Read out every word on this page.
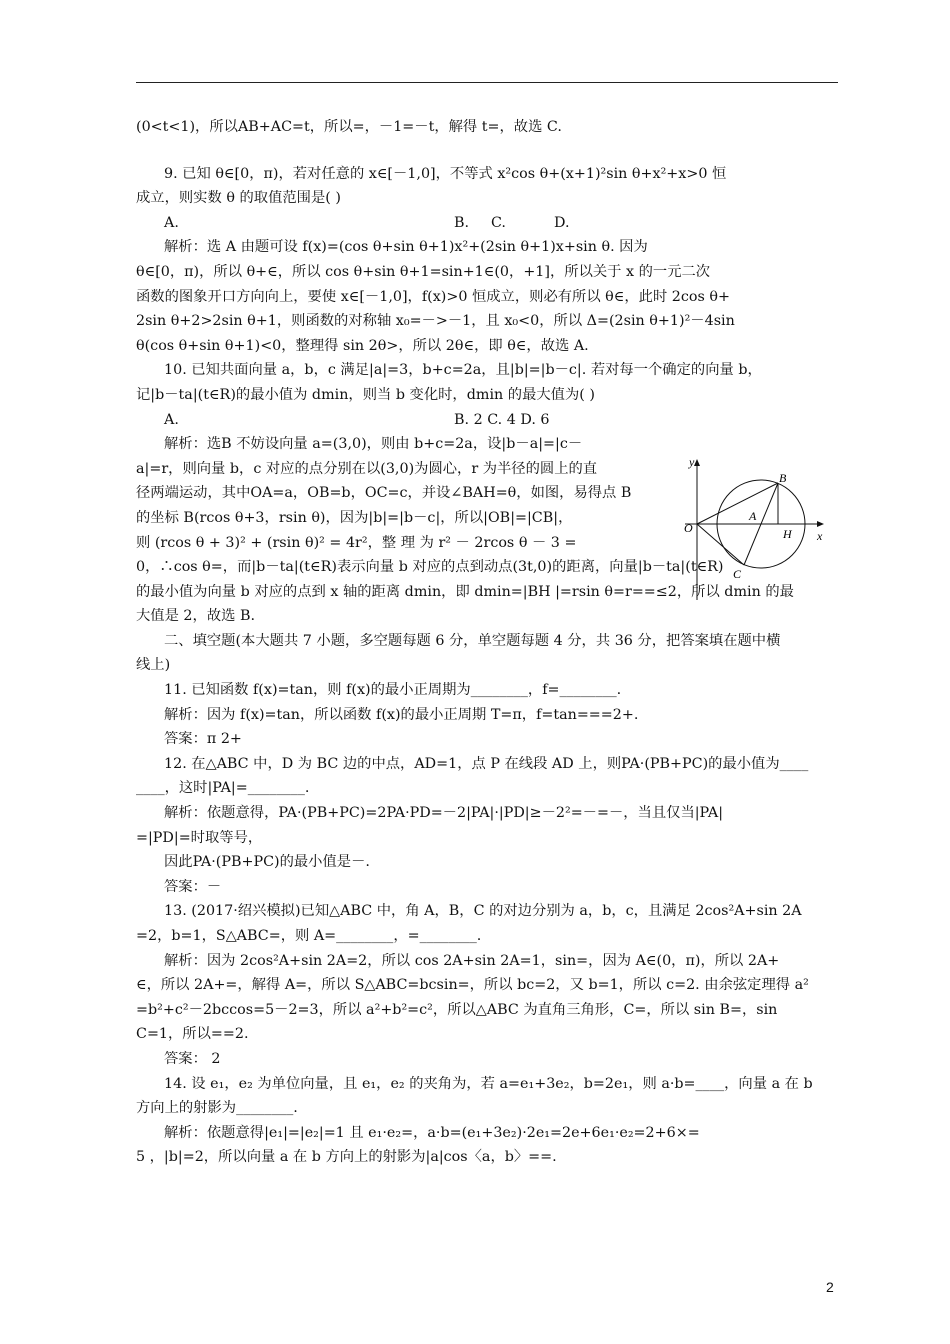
(0<t<1)，所以AB+AC=t，所以=，－1=－t，解得 t=，故选 C.
9. 已知 θ∈[0，π)，若对任意的 x∈[－1,0]，不等式 x²cos θ+(x+1)²sin θ+x²+x>0 恒
成立，则实数 θ 的取值范围是( )
A.	B. C.	D.
解析：选 A 由题可设 f(x)=(cos θ+sin θ+1)x²+(2sin θ+1)x+sin θ. 因为
θ∈[0，π)，所以 θ+∈，所以 cos θ+sin θ+1=sin+1∈(0，+1]，所以关于 x 的一元二次
函数的图象开口方向向上，要使 x∈[－1,0]，f(x)>0 恒成立，则必有所以 θ∈，此时 2cos θ+
2sin θ+2>2sin θ+1，则函数的对称轴 x₀=－>－1，且 x₀<0，所以 Δ=(2sin θ+1)²－4sin
θ(cos θ+sin θ+1)<0，整理得 sin 2θ>，所以 2θ∈，即 θ∈，故选 A.
10. 已知共面向量 a，b，c 满足|a|=3，b+c=2a，且|b|=|b－c|. 若对每一个确定的向量 b，
记|b－ta|(t∈R)的最小值为 dmin，则当 b 变化时，dmin 的最大值为( )
A.	B. 2 C. 4 D. 6
解析：选B 不妨设向量 a=(3,0)，则由 b+c=2a，设|b－a|=|c－
a|=r，则向量 b，c 对应的点分别在以(3,0)为圆心，r 为半径的圆上的直
径两端运动，其中OA=a，OB=b，OC=c，并设∠BAH=θ，如图，易得点 B
的坐标 B(rcos θ+3，rsin θ)，因为|b|=|b－c|，所以|OB|=|CB|，
则 (rcos θ + 3)² + (rsin θ)² = 4r²，整 理 为 r² － 2rcos θ － 3 =
0，∴cos θ=，而|b－ta|(t∈R)表示向量 b 对应的点到动点(3t,0)的距离，向量|b－ta|(t∈R)
的最小值为向量 b 对应的点到 x 轴的距离 dmin，即 dmin=|BH |=rsin θ=r==≤2，所以 dmin 的最
大值是 2，故选 B.
二、填空题(本大题共 7 小题，多空题每题 6 分，单空题每题 4 分，共 36 分，把答案填在题中横
线上)
11. 已知函数 f(x)=tan，则 f(x)的最小正周期为________，f=________.
解析：因为 f(x)=tan，所以函数 f(x)的最小正周期 T=π，f=tan===2+.
答案：π 2+
12. 在△ABC 中，D 为 BC 边的中点，AD=1，点 P 在线段 AD 上，则PA·(PB+PC)的最小值为____
____，这时|PA|=________.
解析：依题意得，PA·(PB+PC)=2PA·PD=－2|PA|·|PD|≥－2²=－=－，当且仅当|PA|
=|PD|=时取等号，
因此PA·(PB+PC)的最小值是－.
答案：－
13. (2017·绍兴模拟)已知△ABC 中，角 A，B，C 的对边分别为 a，b，c，且满足 2cos²A+sin 2A
=2，b=1，S△ABC=，则 A=________，=________.
解析：因为 2cos²A+sin 2A=2，所以 cos 2A+sin 2A=1，sin=，因为 A∈(0，π)，所以 2A+
∈，所以 2A+=，解得 A=，所以 S△ABC=bcsin=，所以 bc=2，又 b=1，所以 c=2. 由余弦定理得 a²
=b²+c²－2bccos=5－2=3，所以 a²+b²=c²，所以△ABC 为直角三角形，C=，所以 sin B=，sin
C=1，所以==2.
答案： 2
14. 设 e₁，e₂ 为单位向量，且 e₁，e₂ 的夹角为，若 a=e₁+3e₂，b=2e₁，则 a·b=____，向量 a 在 b
方向上的射影为________.
解析：依题意得|e₁|=|e₂|=1 且 e₁·e₂=，a·b=(e₁+3e₂)·2e₁=2e+6e₁·e₂=2+6×=
5 ，|b|=2，所以向量 a 在 b 方向上的射影为|a|cos〈a，b〉==.
y
x
O
B
A
H
C
2
